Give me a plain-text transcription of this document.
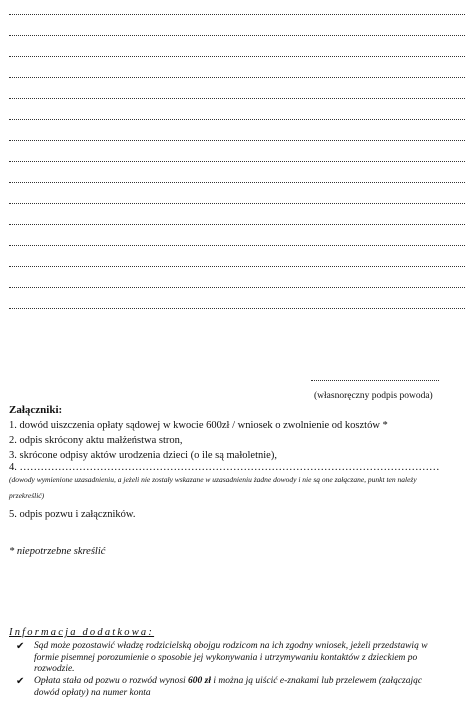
(własnoręczny podpis powoda)
Załączniki:
1. dowód uiszczenia opłaty sądowej w kwocie 600zł / wniosek o zwolnienie od kosztów *
2. odpis skrócony aktu małżeństwa stron,
3. skrócone odpisy aktów urodzenia dzieci (o ile są małoletnie),
4. …………………………………………………………………………………………………………
(dowody wymienione uzasadnieniu, a jeżeli nie zostały wskazane w uzasadnieniu żadne dowody i nie są one załączane, punkt ten należy
przekreślić)
5. odpis pozwu i załączników.
* niepotrzebne skreślić
Informacja dodatkowa:
✔ Sąd może pozostawić władzę rodzicielską obojgu rodzicom na ich zgodny wniosek, jeżeli przedstawią w
formie pisemnej porozumienie o sposobie jej wykonywania i utrzymywaniu kontaktów z dzieckiem po
rozwodzie.
✔ Opłata stała od pozwu o rozwód wynosi 600 zł i można ją uiścić e-znakami lub przelewem (załączając
dowód opłaty) na numer konta
